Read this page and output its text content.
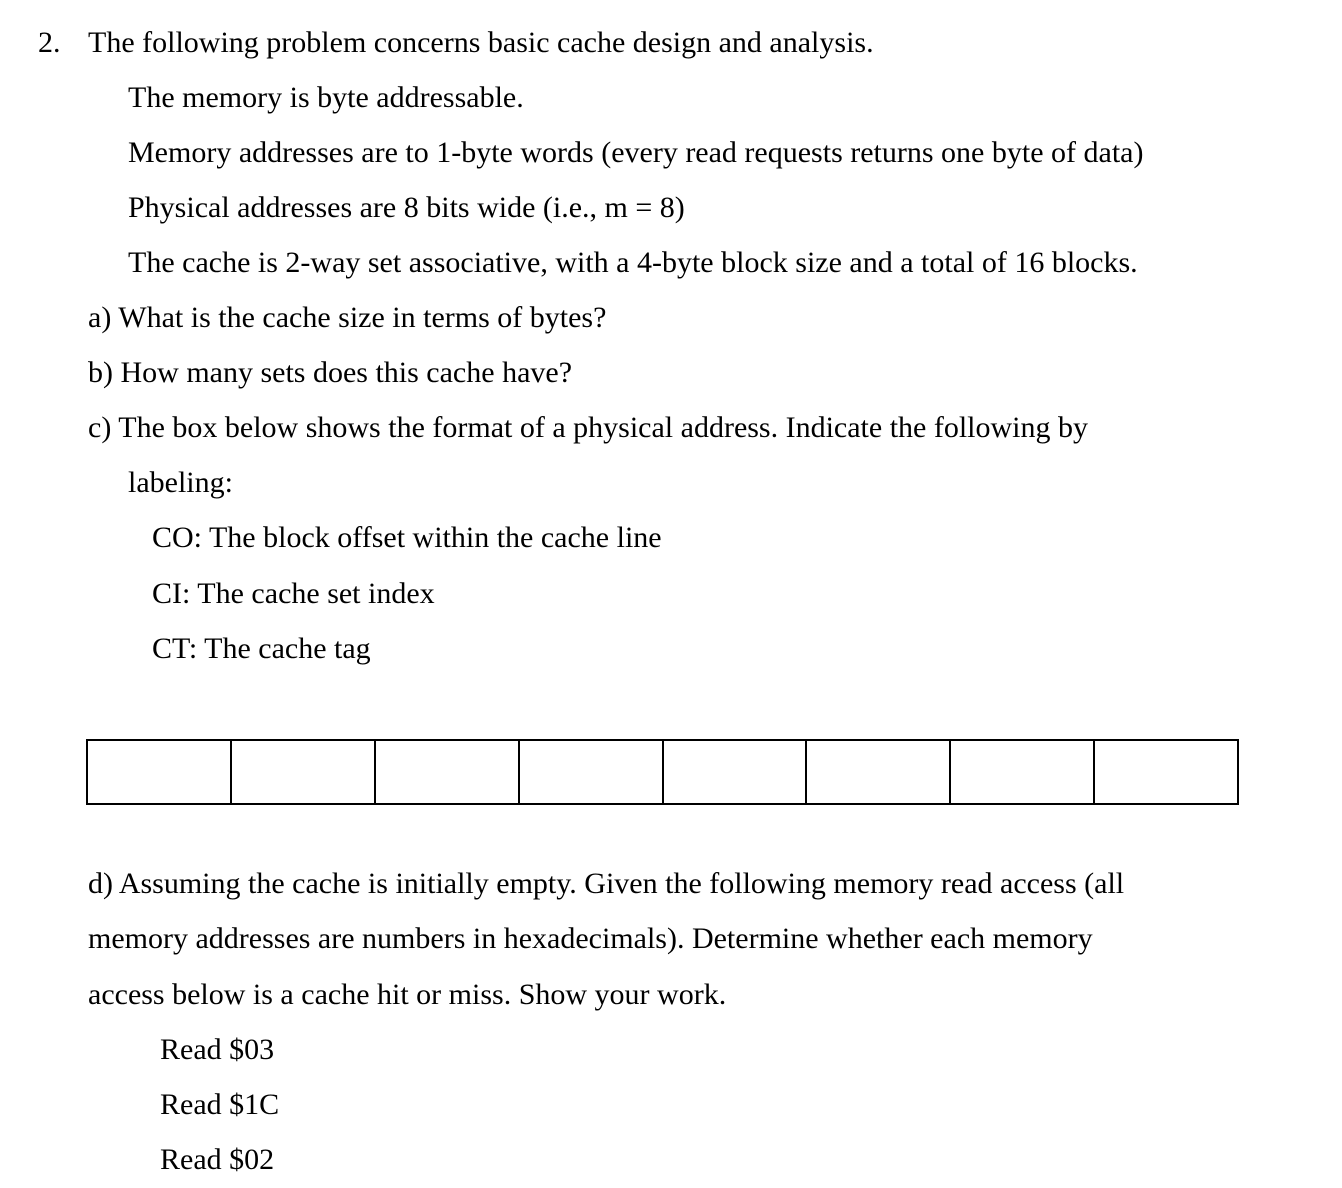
2. The following problem concerns basic cache design and analysis.
The memory is byte addressable.
Memory addresses are to 1-byte words (every read requests returns one byte of data)
Physical addresses are 8 bits wide (i.e., m = 8)
The cache is 2-way set associative, with a 4-byte block size and a total of 16 blocks.
a) What is the cache size in terms of bytes?
b) How many sets does this cache have?
c) The box below shows the format of a physical address. Indicate the following by
labeling:
CO: The block offset within the cache line
CI: The cache set index
CT: The cache tag
d) Assuming the cache is initially empty. Given the following memory read access (all
memory addresses are numbers in hexadecimals). Determine whether each memory
access below is a cache hit or miss. Show your work.
Read $03
Read $1C
Read $02
